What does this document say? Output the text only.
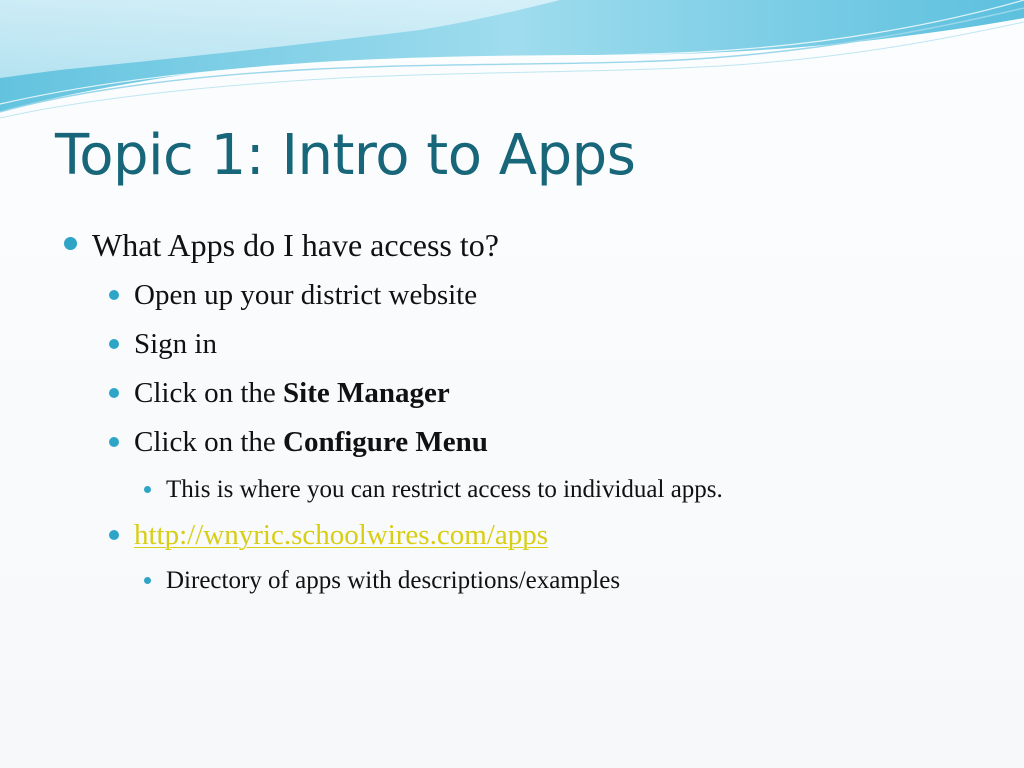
Topic 1: Intro to Apps
What Apps do I have access to?
Open up your district website
Sign in
Click on the Site Manager
Click on the Configure Menu
This is where you can restrict access to individual apps.
http://wnyric.schoolwires.com/apps
Directory of apps with descriptions/examples
